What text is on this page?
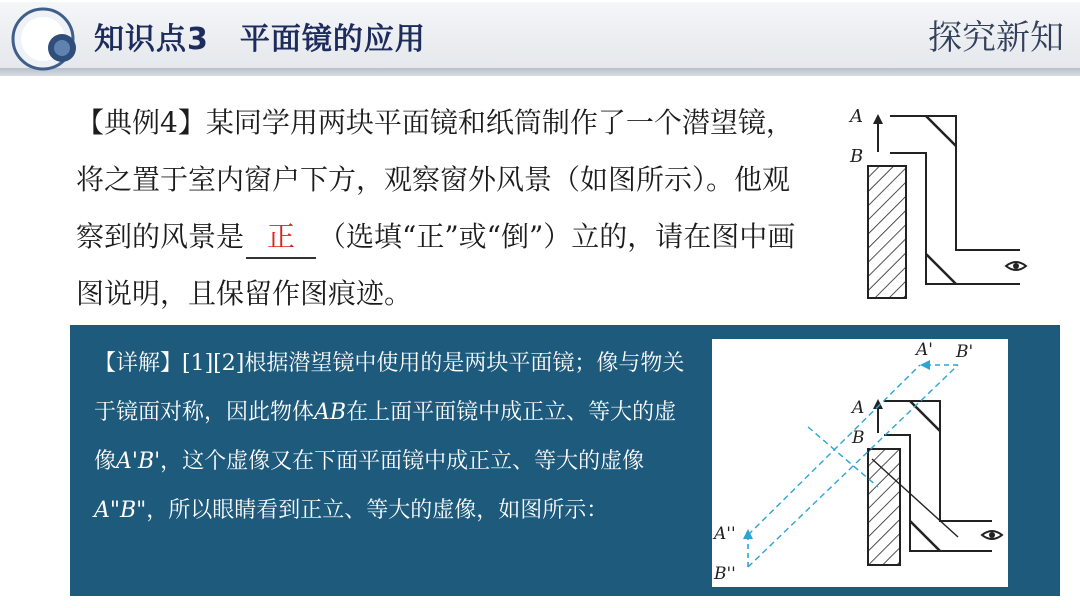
知识点3　平面镜的应用	探究新知
【典例4】某同学用两块平面镜和纸筒制作了一个潜望镜，将之置于室内窗户下方，观察窗外风景（如图所示）。他观察到的风景是 正 （选填“正”或“倒”）立的，请在图中画图说明，且保留作图痕迹。
A
B
【详解】[1][2]根据潜望镜中使用的是两块平面镜；像与物关于镜面对称，因此物体AB在上面平面镜中成正立、等大的虚像A'B'，这个虚像又在下面平面镜中成正立、等大的虚像A"B"，所以眼睛看到正立、等大的虚像，如图所示：
A
B
A' B'
A''
B''
